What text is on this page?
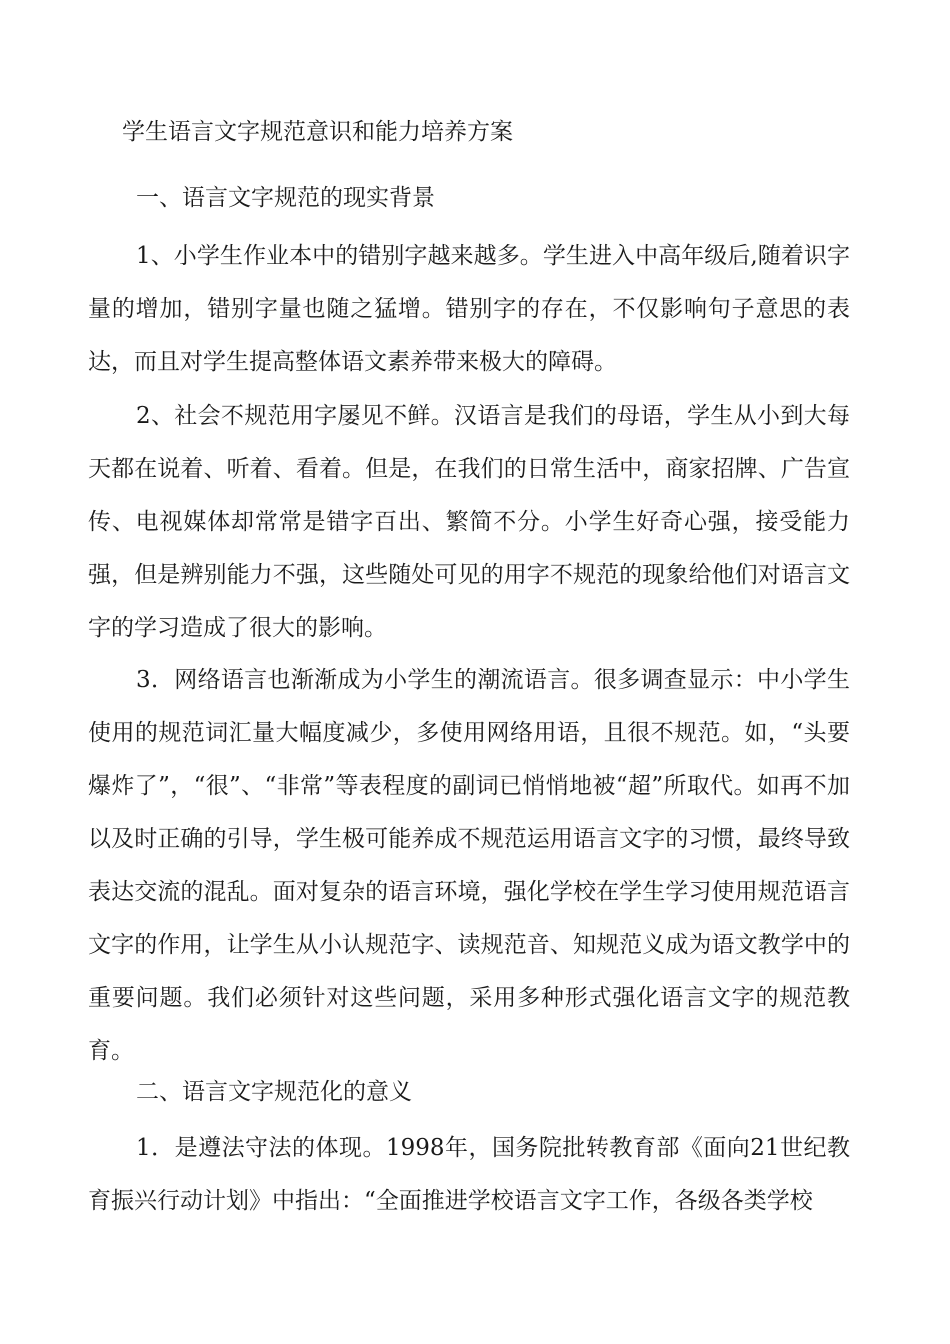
学生语言文字规范意识和能力培养方案
一、语言文字规范的现实背景
1、小学生作业本中的错别字越来越多。学生进入中高年级后,随着识字量的增加，错别字量也随之猛增。错别字的存在，不仅影响句子意思的表达，而且对学生提高整体语文素养带来极大的障碍。
2、社会不规范用字屡见不鲜。汉语言是我们的母语，学生从小到大每天都在说着、听着、看着。但是，在我们的日常生活中，商家招牌、广告宣传、电视媒体却常常是错字百出、繁简不分。小学生好奇心强，接受能力强，但是辨别能力不强，这些随处可见的用字不规范的现象给他们对语言文字的学习造成了很大的影响。
3．网络语言也渐渐成为小学生的潮流语言。很多调查显示：中小学生使用的规范词汇量大幅度减少，多使用网络用语，且很不规范。如，“头要爆炸了”，“很”、“非常”等表程度的副词已悄悄地被“超”所取代。如再不加以及时正确的引导，学生极可能养成不规范运用语言文字的习惯，最终导致表达交流的混乱。面对复杂的语言环境，强化学校在学生学习使用规范语言文字的作用，让学生从小认规范字、读规范音、知规范义成为语文教学中的重要问题。我们必须针对这些问题，采用多种形式强化语言文字的规范教育。
二、语言文字规范化的意义
1．是遵法守法的体现。1998年，国务院批转教育部《面向21世纪教育振兴行动计划》中指出：“全面推进学校语言文字工作，各级各类学校
